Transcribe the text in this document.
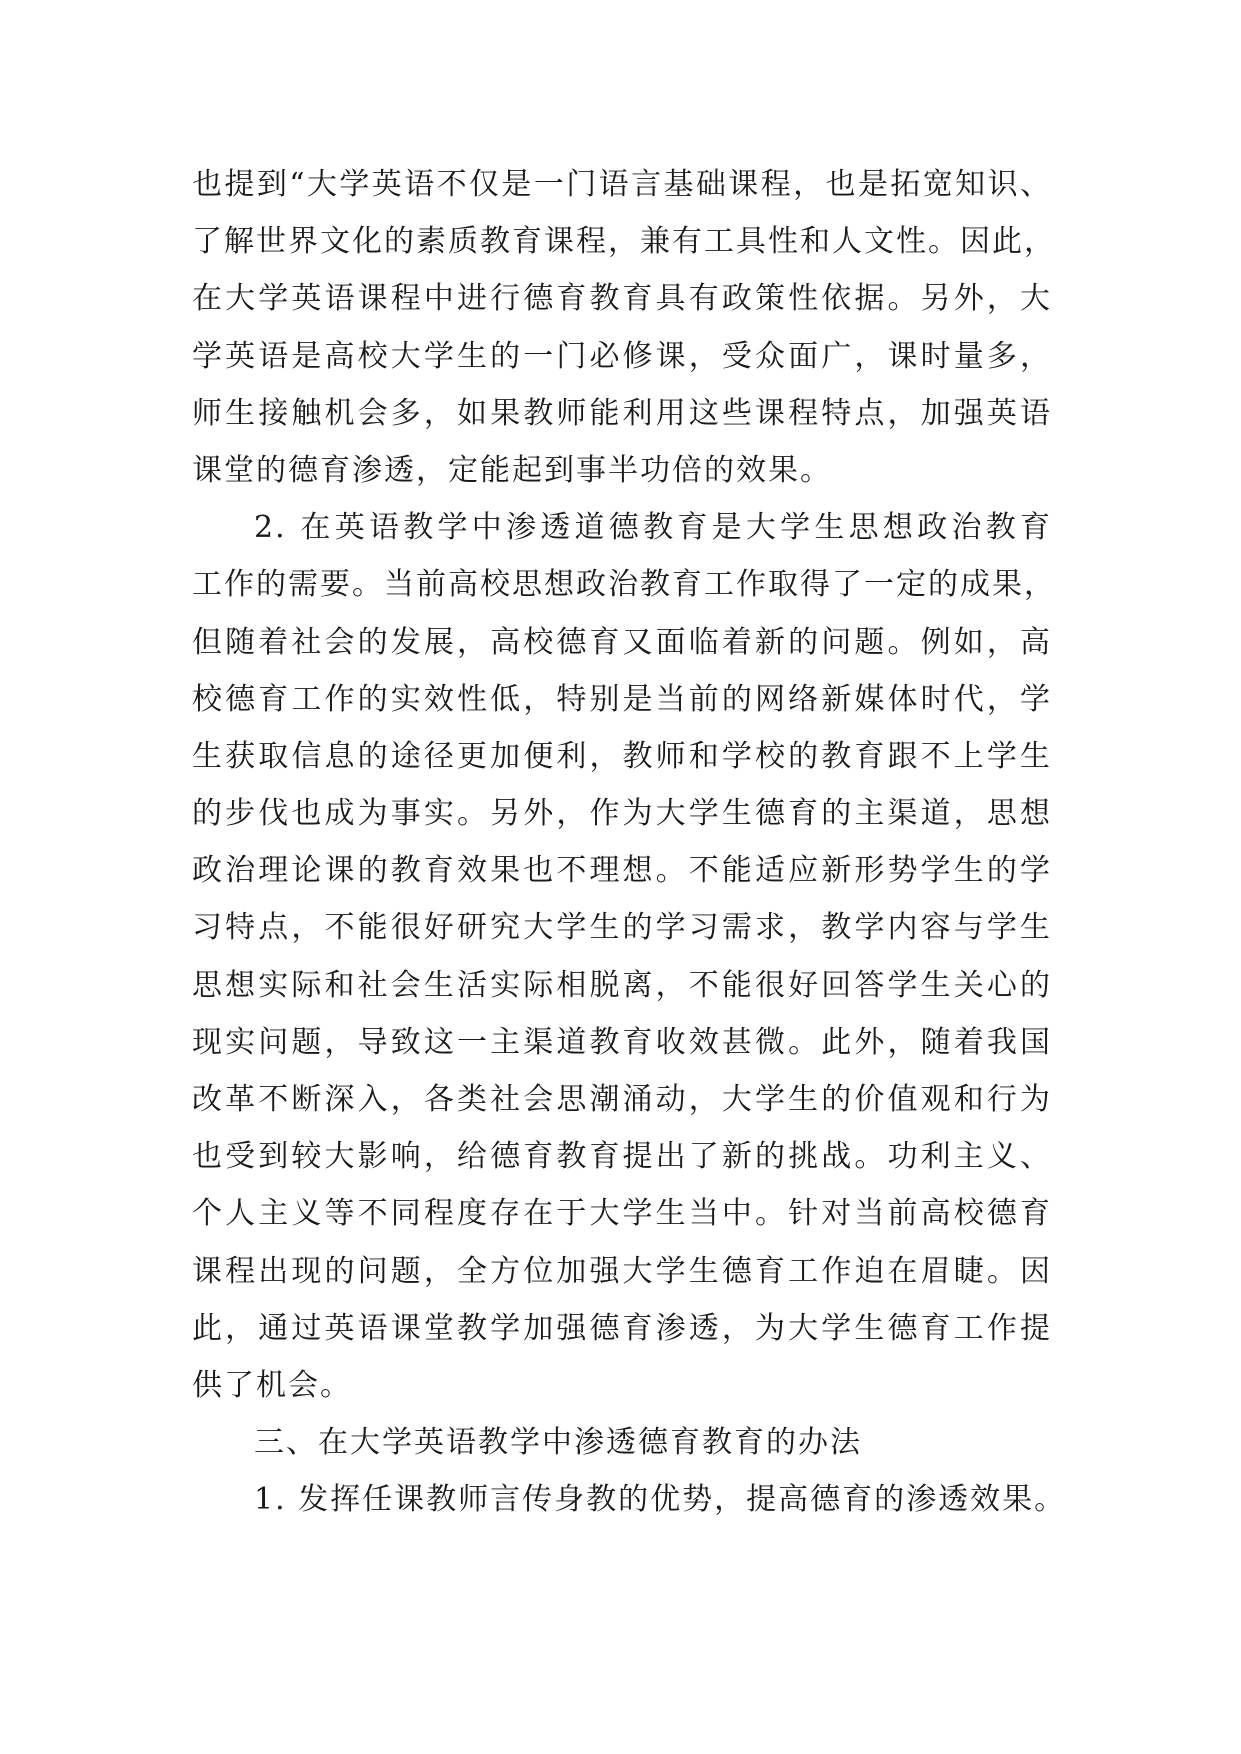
也提到“大学英语不仅是一门语言基础课程，也是拓宽知识、
了解世界文化的素质教育课程，兼有工具性和人文性。因此，
在大学英语课程中进行德育教育具有政策性依据。另外，大
学英语是高校大学生的一门必修课，受众面广，课时量多，
师生接触机会多，如果教师能利用这些课程特点，加强英语
课堂的德育渗透，定能起到事半功倍的效果。
2. 在英语教学中渗透道德教育是大学生思想政治教育
工作的需要。当前高校思想政治教育工作取得了一定的成果，
但随着社会的发展，高校德育又面临着新的问题。例如，高
校德育工作的实效性低，特别是当前的网络新媒体时代，学
生获取信息的途径更加便利，教师和学校的教育跟不上学生
的步伐也成为事实。另外，作为大学生德育的主渠道，思想
政治理论课的教育效果也不理想。不能适应新形势学生的学
习特点，不能很好研究大学生的学习需求，教学内容与学生
思想实际和社会生活实际相脱离，不能很好回答学生关心的
现实问题，导致这一主渠道教育收效甚微。此外，随着我国
改革不断深入，各类社会思潮涌动，大学生的价值观和行为
也受到较大影响，给德育教育提出了新的挑战。功利主义、
个人主义等不同程度存在于大学生当中。针对当前高校德育
课程出现的问题，全方位加强大学生德育工作迫在眉睫。因
此，通过英语课堂教学加强德育渗透，为大学生德育工作提
供了机会。
三、在大学英语教学中渗透德育教育的办法
1. 发挥任课教师言传身教的优势，提高德育的渗透效果。
